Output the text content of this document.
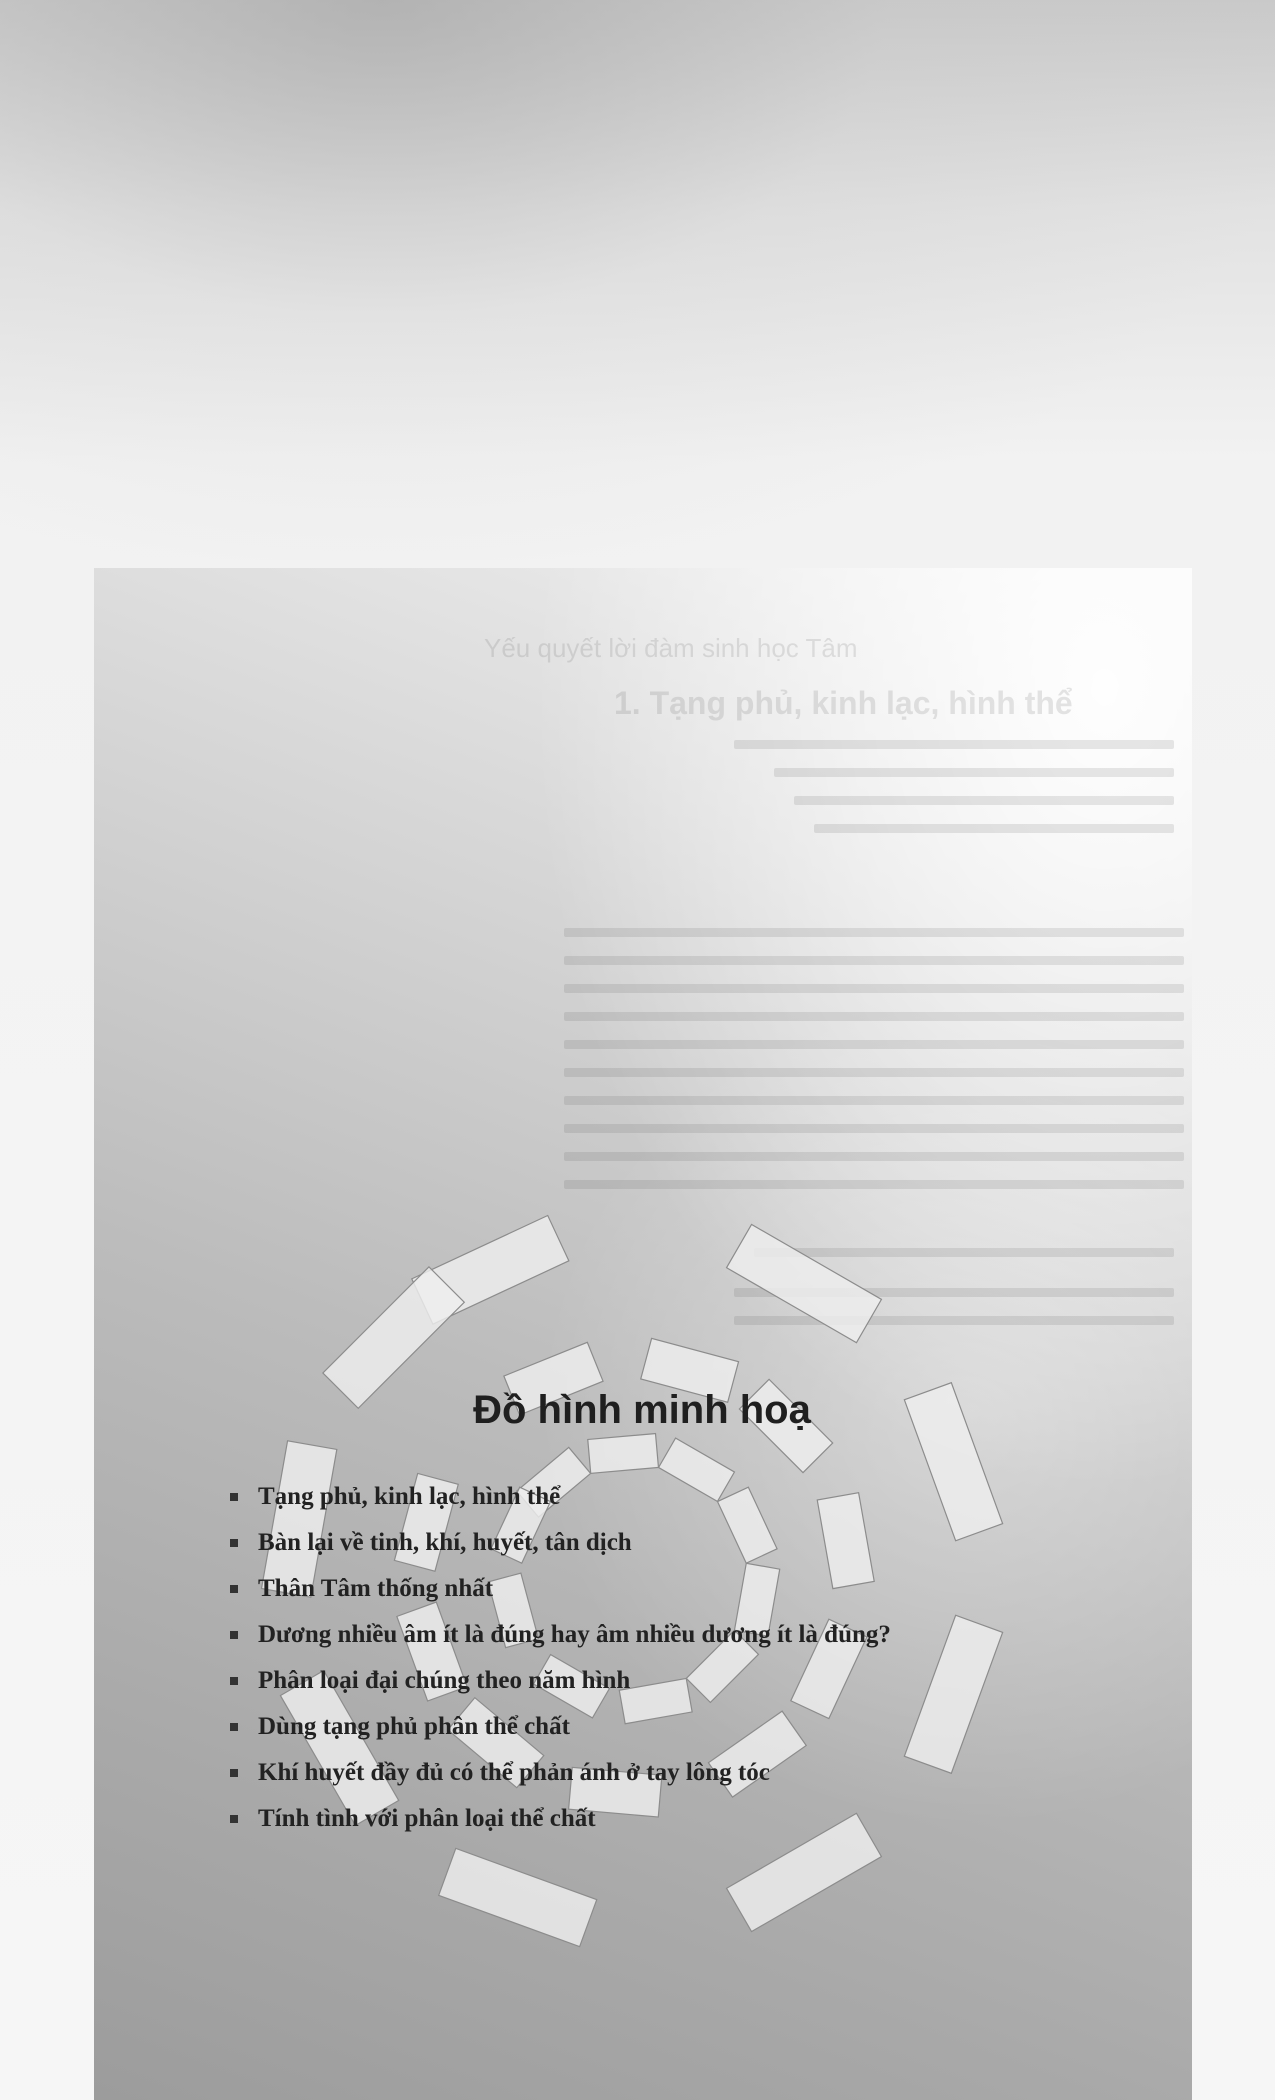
Yếu quyết lời đàm sinh học Tâm
1. Tạng phủ, kinh lạc, hình thể
Đồ hình minh hoạ
Tạng phủ, kinh lạc, hình thể
Bàn lại về tinh, khí, huyết, tân dịch
Thân Tâm thống nhất
Dương nhiều âm ít là đúng hay âm nhiều dương ít là đúng?
Phân loại đại chúng theo năm hình
Dùng tạng phủ phân thể chất
Khí huyết đầy đủ có thể phản ánh ở tay lông tóc
Tính tình với phân loại thể chất
